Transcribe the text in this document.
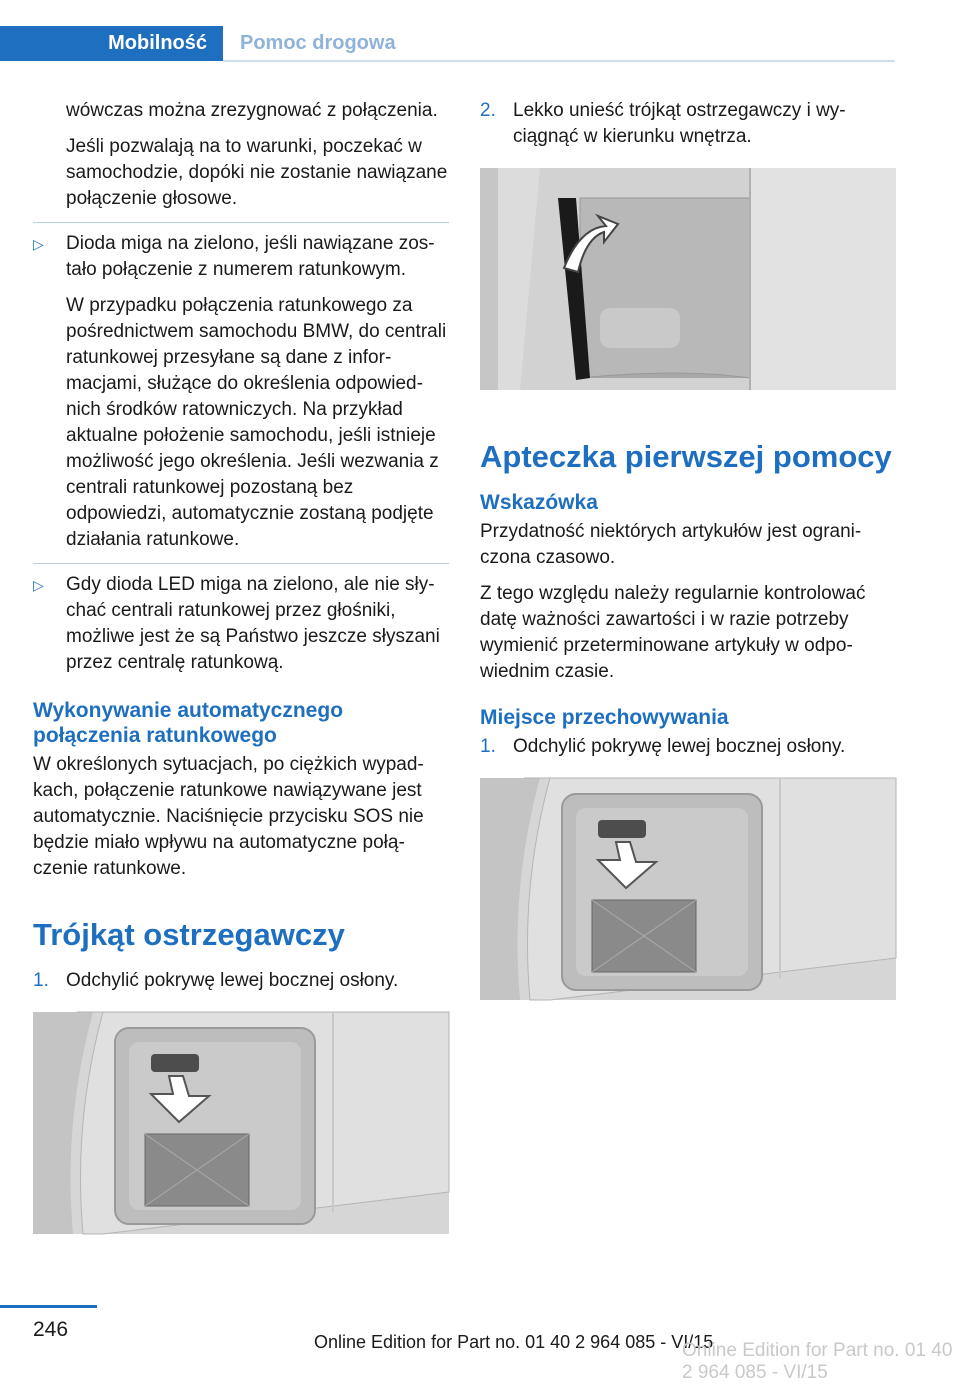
Mobilność	Pomoc drogowa

wówczas można zrezygnować z połączenia.

Jeśli pozwalają na to warunki, poczekać w samochodzie, dopóki nie zostanie nawiązane połączenie głosowe.

▷ Dioda miga na zielono, jeśli nawiązane zostało połączenie z numerem ratunkowym.

W przypadku połączenia ratunkowego za pośrednictwem samochodu BMW, do centrali ratunkowej przesyłane są dane z informacjami, służące do określenia odpowiednich środków ratowniczych. Na przykład aktualne położenie samochodu, jeśli istnieje możliwość jego określenia. Jeśli wezwania z centrali ratunkowej pozostaną bez odpowiedzi, automatycznie zostaną podjęte działania ratunkowe.

▷ Gdy dioda LED miga na zielono, ale nie słychać centrali ratunkowej przez głośniki, możliwe jest że są Państwo jeszcze słyszani przez centralę ratunkową.

Wykonywanie automatycznego połączenia ratunkowego

W określonych sytuacjach, po ciężkich wypadkach, połączenie ratunkowe nawiązywane jest automatycznie. Naciśnięcie przycisku SOS nie będzie miało wpływu na automatyczne połączenie ratunkowe.

Trójkąt ostrzegawczy
1. Odchylić pokrywę lewej bocznej osłony.
2. Lekko unieść trójkąt ostrzegawczy i wyciągnąć w kierunku wnętrza.
Apteczka pierwszej pomocy
Wskazówka

Przydatność niektórych artykułów jest ograniczona czasowo.

Z tego względu należy regularnie kontrolować datę ważności zawartości i w razie potrzeby wymienić przeterminowane artykuły w odpowiednim czasie.

Miejsce przechowywania
1. Odchylić pokrywę lewej bocznej osłony.
246
Online Edition for Part no. 01 40 2 964 085 - VI/15
Online Edition for Part no. 01 40 2 964 085 - VI/15
